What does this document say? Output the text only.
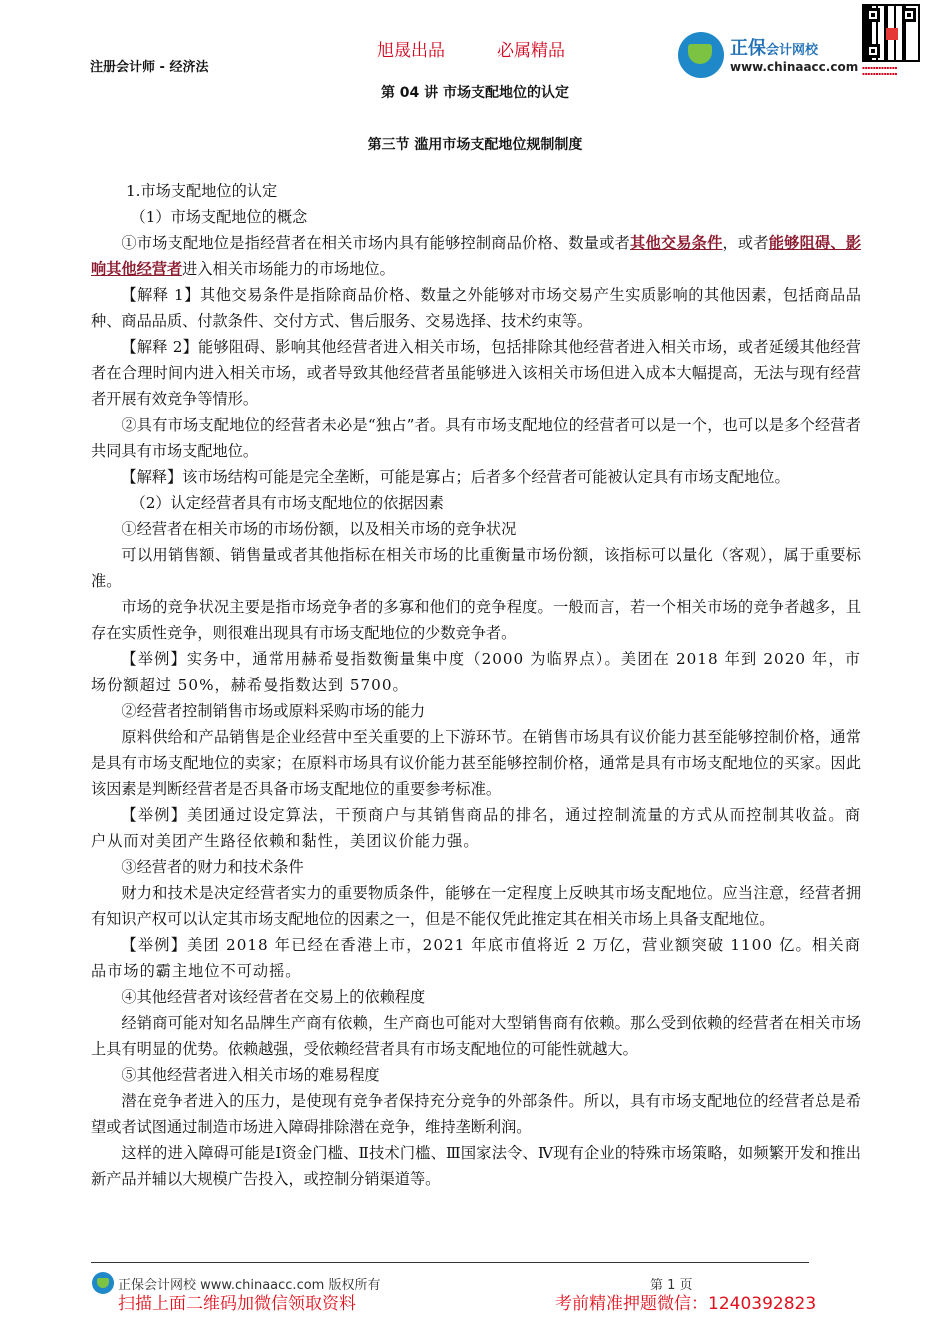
注册会计师 - 经济法
旭晟出品	必属精品	正保会计网校
www.chinaacc.com ▪▪▪▪▪▪▪▪▪▪▪▪▪
▪▪▪▪▪▪▪▪▪▪▪▪▪
第 04 讲 市场支配地位的认定
第三节 滥用市场支配地位规制制度

1.市场支配地位的认定

（1）市场支配地位的概念

①市场支配地位是指经营者在相关市场内具有能够控制商品价格、数量或者其他交易条件，或者能够阻碍、影响其他经营者进入相关市场能力的市场地位。

【解释 1】其他交易条件是指除商品价格、数量之外能够对市场交易产生实质影响的其他因素，包括商品品种、商品品质、付款条件、交付方式、售后服务、交易选择、技术约束等。

【解释 2】能够阻碍、影响其他经营者进入相关市场，包括排除其他经营者进入相关市场，或者延缓其他经营者在合理时间内进入相关市场，或者导致其他经营者虽能够进入该相关市场但进入成本大幅提高，无法与现有经营者开展有效竞争等情形。

②具有市场支配地位的经营者未必是“独占”者。具有市场支配地位的经营者可以是一个，也可以是多个经营者共同具有市场支配地位。

【解释】该市场结构可能是完全垄断，可能是寡占；后者多个经营者可能被认定具有市场支配地位。

（2）认定经营者具有市场支配地位的依据因素

①经营者在相关市场的市场份额，以及相关市场的竞争状况

可以用销售额、销售量或者其他指标在相关市场的比重衡量市场份额，该指标可以量化（客观），属于重要标准。

市场的竞争状况主要是指市场竞争者的多寡和他们的竞争程度。一般而言，若一个相关市场的竞争者越多，且存在实质性竞争，则很难出现具有市场支配地位的少数竞争者。

【举例】实务中，通常用赫希曼指数衡量集中度（2000 为临界点）。美团在 2018 年到 2020 年，市场份额超过 50%，赫希曼指数达到 5700。

②经营者控制销售市场或原料采购市场的能力

原料供给和产品销售是企业经营中至关重要的上下游环节。在销售市场具有议价能力甚至能够控制价格，通常是具有市场支配地位的卖家；在原料市场具有议价能力甚至能够控制价格，通常是具有市场支配地位的买家。因此该因素是判断经营者是否具备市场支配地位的重要参考标准。

【举例】美团通过设定算法，干预商户与其销售商品的排名，通过控制流量的方式从而控制其收益。商户从而对美团产生路径依赖和黏性，美团议价能力强。

③经营者的财力和技术条件

财力和技术是决定经营者实力的重要物质条件，能够在一定程度上反映其市场支配地位。应当注意，经营者拥有知识产权可以认定其市场支配地位的因素之一，但是不能仅凭此推定其在相关市场上具备支配地位。

【举例】美团 2018 年已经在香港上市，2021 年底市值将近 2 万亿，营业额突破 1100 亿。相关商品市场的霸主地位不可动摇。

④其他经营者对该经营者在交易上的依赖程度

经销商可能对知名品牌生产商有依赖，生产商也可能对大型销售商有依赖。那么受到依赖的经营者在相关市场上具有明显的优势。依赖越强，受依赖经营者具有市场支配地位的可能性就越大。

⑤其他经营者进入相关市场的难易程度

潜在竞争者进入的压力，是使现有竞争者保持充分竞争的外部条件。所以，具有市场支配地位的经营者总是希望或者试图通过制造市场进入障碍排除潜在竞争，维持垄断利润。

这样的进入障碍可能是Ⅰ资金门槛、Ⅱ技术门槛、Ⅲ国家法令、Ⅳ现有企业的特殊市场策略，如频繁开发和推出新产品并辅以大规模广告投入，或控制分销渠道等。

正保会计网校 www.chinaacc.com 版权所有	第 1 页
扫描上面二维码加微信领取资料	考前精准押题微信：1240392823
